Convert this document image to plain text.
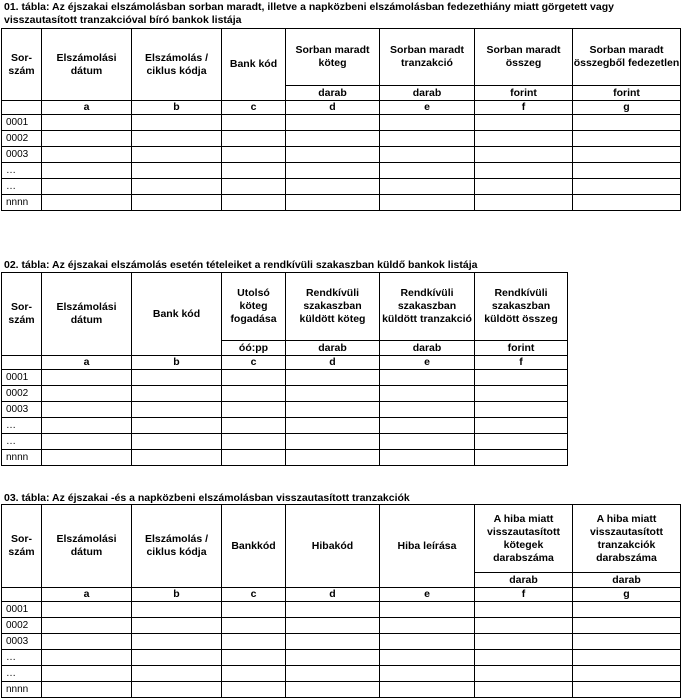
01. tábla: Az éjszakai elszámolásban sorban maradt, illetve a napközbeni elszámolásban fedezethiány miatt görgetett vagy visszautasított tranzakcióval bíró bankok listája
Sor-szám	Elszámolási dátum	Elszámolás / ciklus kódja	Bank kód	Sorban maradt köteg	Sorban maradt tranzakció	Sorban maradt összeg	Sorban maradt összegből fedezetlen
				darab	darab	forint	forint
	a	b	c	d	e	f	g
0001							
0002							
0003							
…							
…							
nnnn							
02. tábla: Az éjszakai elszámolás esetén tételeiket a rendkívüli szakaszban küldő bankok listája
Sor-szám	Elszámolási dátum	Bank kód	Utolsó köteg fogadása	Rendkívüli szakaszban küldött köteg	Rendkívüli szakaszban küldött tranzakció	Rendkívüli szakaszban küldött összeg
			óó:pp	darab	darab	forint
	a	b	c	d	e	f
0001						
0002						
0003						
…						
…						
nnnn						
03. tábla: Az éjszakai -és a napközbeni elszámolásban visszautasított tranzakciók
Sor-szám	Elszámolási dátum	Elszámolás / ciklus kódja	Bankkód	Hibakód	Hiba leírása	A hiba miatt visszautasított kötegek darabszáma	A hiba miatt visszautasított tranzakciók darabszáma
						darab	darab
	a	b	c	d	e	f	g
0001							
0002							
0003							
…							
…							
nnnn							
